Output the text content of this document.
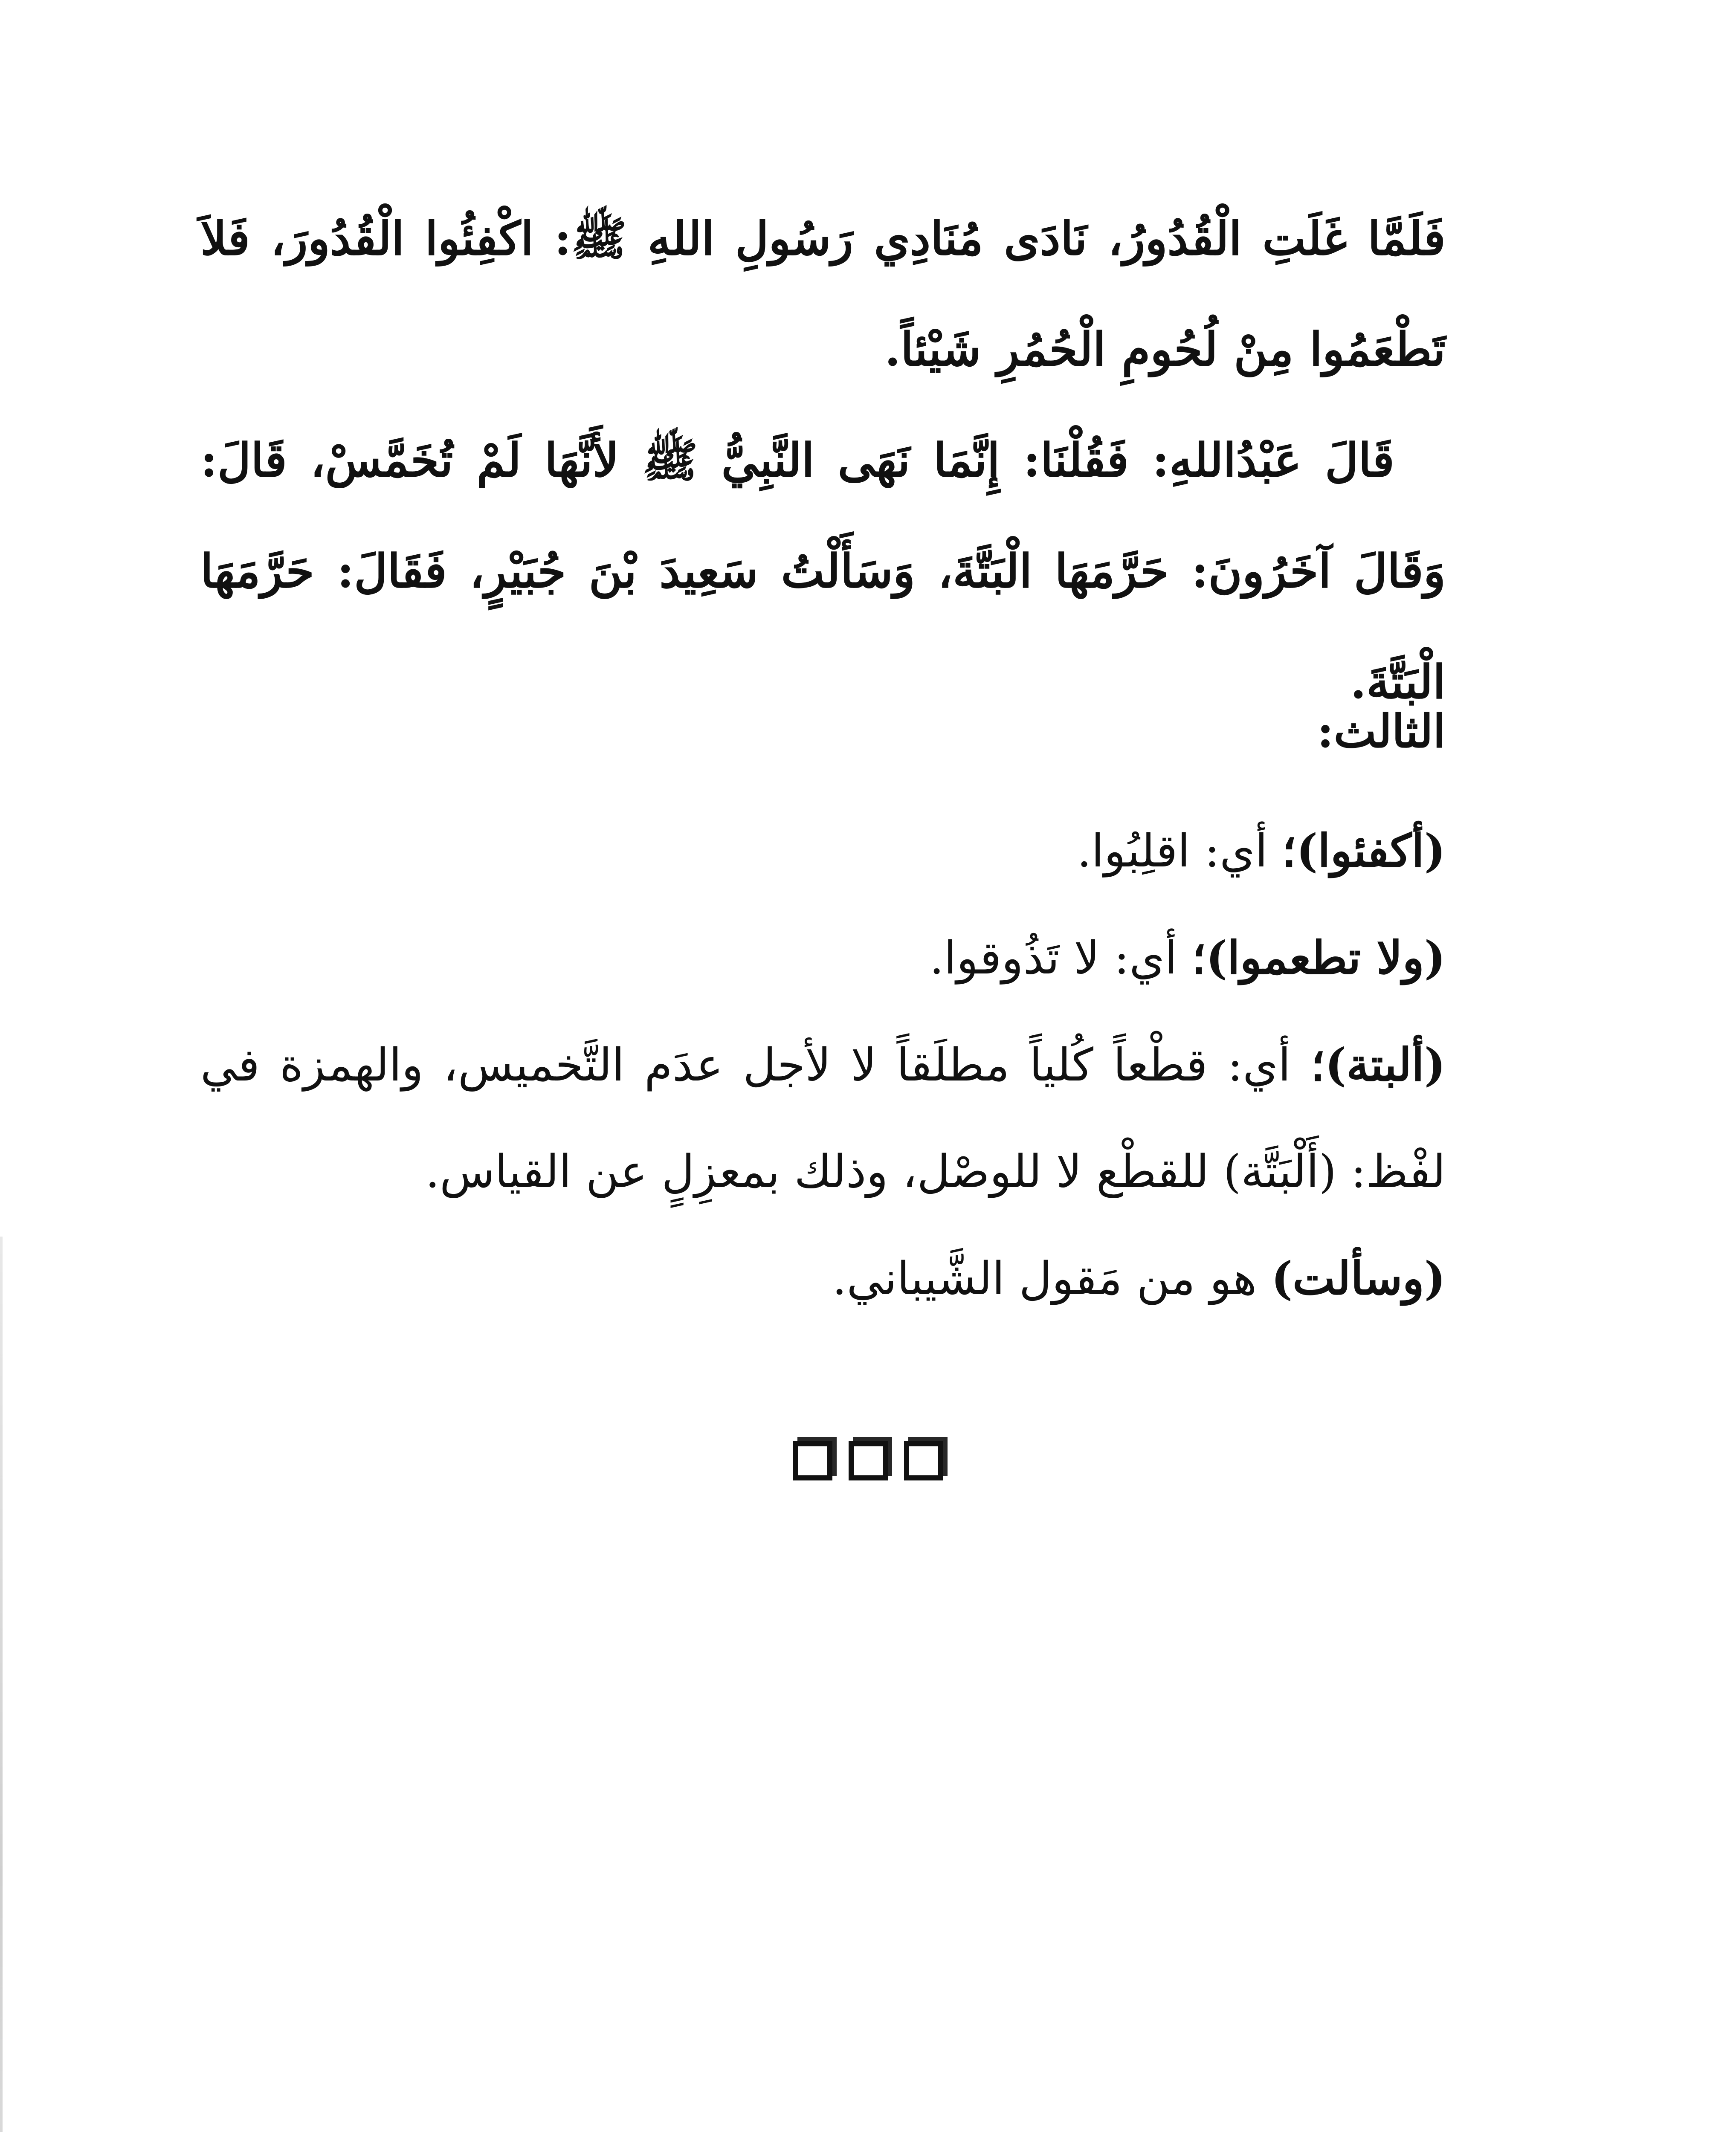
فَلَمَّا غَلَتِ الْقُدُورُ، نَادَى مُنَادِي رَسُولِ اللهِ ﷺ: اكْفِئُوا الْقُدُورَ، فَلاَ تَطْعَمُوا مِنْ لُحُومِ الْحُمُرِ شَيْئاً.

قَالَ عَبْدُاللهِ: فَقُلْنَا: إِنَّمَا نَهَى النَّبِيُّ ﷺ لأَنَّهَا لَمْ تُخَمَّسْ، قَالَ: وَقَالَ آخَرُونَ: حَرَّمَهَا الْبَتَّةَ، وَسَأَلْتُ سَعِيدَ بْنَ جُبَيْرٍ، فَقَالَ: حَرَّمَهَا الْبَتَّةَ.

الثالث:

(أكفئوا)؛ أي: اقلِبُوا.

(ولا تطعموا)؛ أي: لا تَذُوقوا.

(ألبتة)؛ أي: قطْعاً كُلياً مطلَقاً لا لأجل عدَم التَّخميس، والهمزة في لفْظ: (أَلْبَتَّة) للقطْع لا للوصْل، وذلك بمعزِلٍ عن القياس.

(وسألت) هو من مَقول الشَّيباني.
